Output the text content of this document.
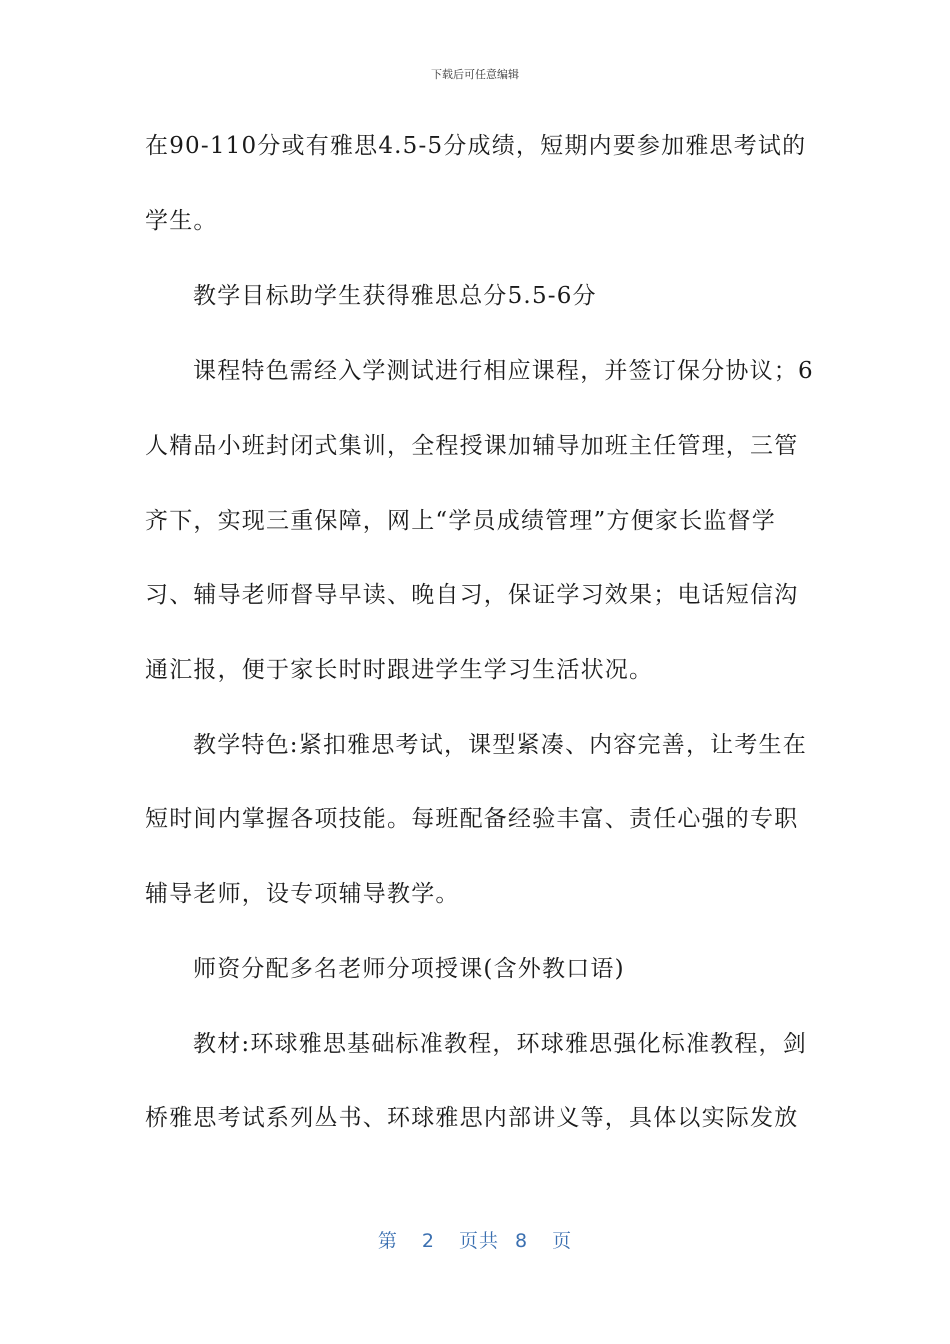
下载后可任意编辑
在90-110分或有雅思4.5-5分成绩，短期内要参加雅思考试的
学生。
教学目标助学生获得雅思总分5.5-6分
课程特色需经入学测试进行相应课程，并签订保分协议；6
人精品小班封闭式集训，全程授课加辅导加班主任管理，三管
齐下，实现三重保障，网上“学员成绩管理”方便家长监督学
习、辅导老师督导早读、晚自习，保证学习效果；电话短信沟
通汇报，便于家长时时跟进学生学习生活状况。
教学特色:紧扣雅思考试，课型紧凑、内容完善，让考生在
短时间内掌握各项技能。每班配备经验丰富、责任心强的专职
辅导老师，设专项辅导教学。
师资分配多名老师分项授课(含外教口语)
教材:环球雅思基础标准教程，环球雅思强化标准教程，剑
桥雅思考试系列丛书、环球雅思内部讲义等，具体以实际发放
第 2 页共 8 页
